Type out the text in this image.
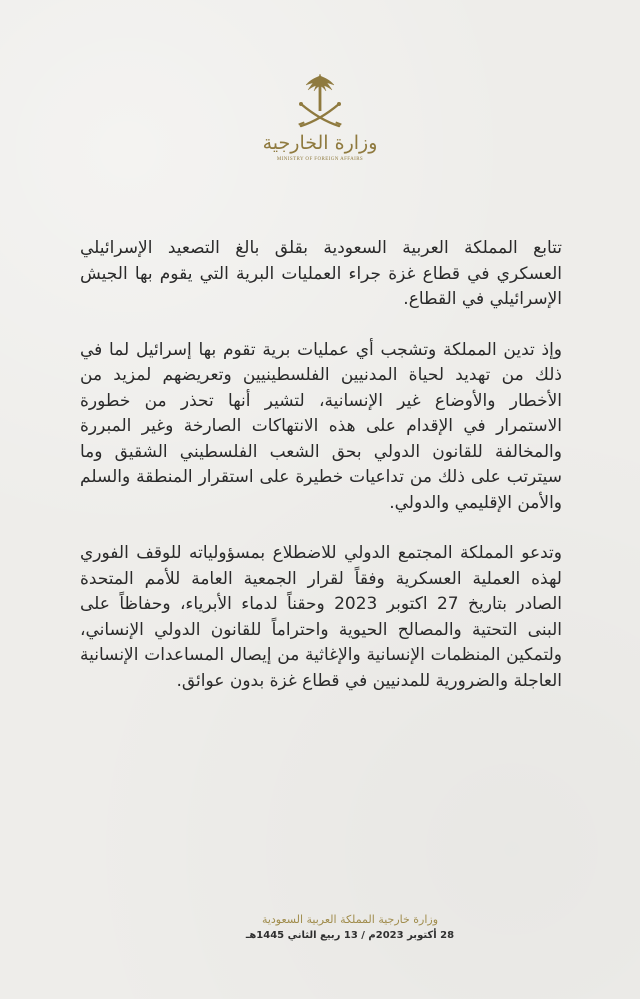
وزارة الخارجية
MINISTRY OF FOREIGN AFFAIRS

تتابع المملكة العربية السعودية بقلق بالغ التصعيد الإسرائيلي العسكري في قطاع غزة جراء العمليات البرية التي يقوم بها الجيش الإسرائيلي في القطاع.

وإذ تدين المملكة وتشجب أي عمليات برية تقوم بها إسرائيل لما في ذلك من تهديد لحياة المدنيين الفلسطينيين وتعريضهم لمزيد من الأخطار والأوضاع غير الإنسانية، لتشير أنها تحذر من خطورة الاستمرار في الإقدام على هذه الانتهاكات الصارخة وغير المبررة والمخالفة للقانون الدولي بحق الشعب الفلسطيني الشقيق وما سيترتب على ذلك من تداعيات خطيرة على استقرار المنطقة والسلم والأمن الإقليمي والدولي.

وتدعو المملكة المجتمع الدولي للاضطلاع بمسؤولياته للوقف الفوري لهذه العملية العسكرية وفقاً لقرار الجمعية العامة للأمم المتحدة الصادر بتاريخ 27 اكتوبر 2023 وحقناً لدماء الأبرياء، وحفاظاً على البنى التحتية والمصالح الحيوية واحتراماً للقانون الدولي الإنساني، ولتمكين المنظمات الإنسانية والإغاثية من إيصال المساعدات الإنسانية العاجلة والضرورية للمدنيين في قطاع غزة بدون عوائق.

وزارة خارجية المملكة العربية السعودية
28 أكتوبر 2023م / 13 ربيع الثاني 1445هـ
